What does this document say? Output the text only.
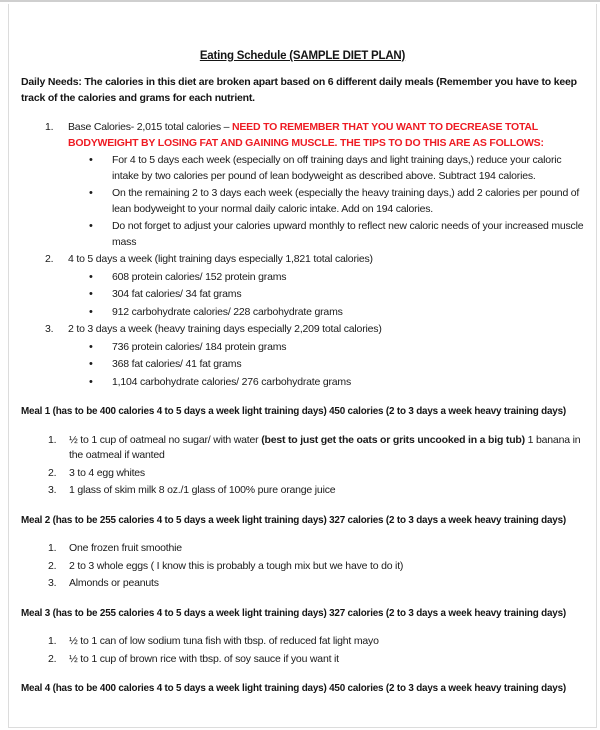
Eating Schedule (SAMPLE DIET PLAN)

Daily Needs: The calories in this diet are broken apart based on 6 different daily meals (Remember you have to keep track of the calories and grams for each nutrient.

1.	Base Calories- 2,015 total calories – NEED TO REMEMBER THAT YOU WANT TO DECREASE TOTAL BODYWEIGHT BY LOSING FAT AND GAINING MUSCLE. THE TIPS TO DO THIS ARE AS FOLLOWS:
•
For 4 to 5 days each week (especially on off training days and light training days,) reduce your caloric intake by two calories per pound of lean bodyweight as described above. Subtract 194 calories.
•
On the remaining 2 to 3 days each week (especially the heavy training days,) add 2 calories per pound of lean bodyweight to your normal daily caloric intake. Add on 194 calories.
•
Do not forget to adjust your calories upward monthly to reflect new caloric needs of your increased muscle mass
2.	4 to 5 days a week (light training days especially 1,821 total calories)
•
608 protein calories/ 152 protein grams
•
304 fat calories/ 34 fat grams
•
912 carbohydrate calories/ 228 carbohydrate grams
3.	2 to 3 days a week (heavy training days especially 2,209 total calories)
•
736 protein calories/ 184 protein grams
•
368 fat calories/ 41 fat grams
•
1,104 carbohydrate calories/ 276 carbohydrate grams

Meal 1 (has to be 400 calories 4 to 5 days a week light training days) 450 calories (2 to 3 days a week heavy training days)

1.	½ to 1 cup of oatmeal no sugar/ with water (best to just get the oats or grits uncooked in a big tub) 1 banana in the oatmeal if wanted
2.	3 to 4 egg whites
3.	1 glass of skim milk 8 oz./1 glass of 100% pure orange juice

Meal 2 (has to be 255 calories 4 to 5 days a week light training days) 327 calories (2 to 3 days a week heavy training days)

1.	One frozen fruit smoothie
2.	2 to 3 whole eggs ( I know this is probably a tough mix but we have to do it)
3.	Almonds or peanuts

Meal 3 (has to be 255 calories 4 to 5 days a week light training days) 327 calories (2 to 3 days a week heavy training days)

1.	½ to 1 can of low sodium tuna fish with tbsp. of reduced fat light mayo
2.	½ to 1 cup of brown rice with tbsp. of soy sauce if you want it

Meal 4 (has to be 400 calories 4 to 5 days a week light training days) 450 calories (2 to 3 days a week heavy training days)
